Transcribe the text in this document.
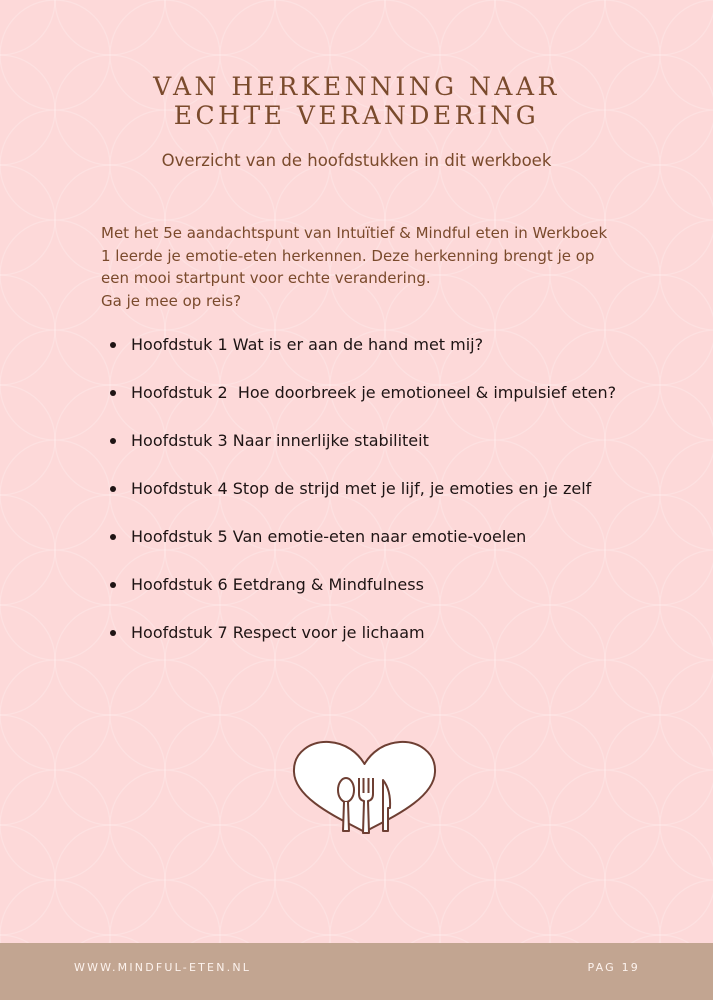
VAN HERKENNING NAAR
ECHTE VERANDERING

Overzicht van de hoofdstukken in dit werkboek

Met het 5e aandachtspunt van Intuïtief & Mindful eten in Werkboek
1 leerde je emotie-eten herkennen. Deze herkenning brengt je op
een mooi startpunt voor echte verandering.
Ga je mee op reis?

Hoofdstuk 1 Wat is er aan de hand met mij?
Hoofdstuk 2  Hoe doorbreek je emotioneel & impulsief eten?
Hoofdstuk 3 Naar innerlijke stabiliteit
Hoofdstuk 4 Stop de strijd met je lijf, je emoties en je zelf
Hoofdstuk 5 Van emotie-eten naar emotie-voelen
Hoofdstuk 6 Eetdrang & Mindfulness
Hoofdstuk 7 Respect voor je lichaam
WWW.MINDFUL-ETEN.NL	PAG 19
